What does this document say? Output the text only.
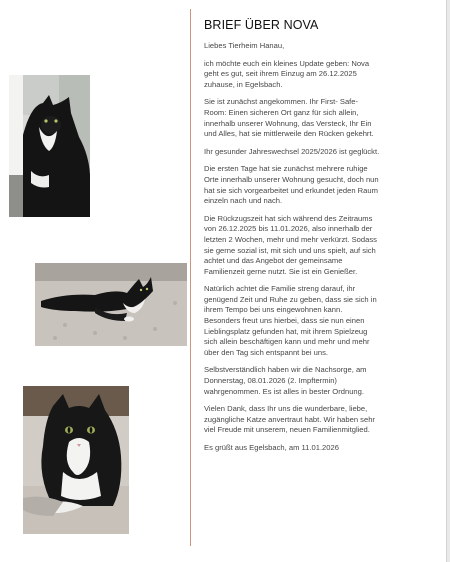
BRIEF ÜBER NOVA

Liebes Tierheim Hanau,

ich möchte euch ein kleines Update geben: Nova geht es gut, seit ihrem Einzug am 26.12.2025 zuhause, in Egelsbach.

Sie ist zunächst angekommen. Ihr First- Safe-Room: Einen sicheren Ort ganz für sich allein, innerhalb unserer Wohnung, das Versteck, Ihr Ein und Alles, hat sie mittlerweile den Rücken gekehrt.

Ihr gesunder Jahreswechsel 2025/2026 ist geglückt.

Die ersten Tage hat sie zunächst mehrere ruhige Orte innerhalb unserer Wohnung gesucht, doch nun hat sie sich vorgearbeitet und erkundet jeden Raum einzeln nach und nach.

Die Rückzugszeit hat sich während des Zeitraums von 26.12.2025 bis 11.01.2026, also innerhalb der letzten 2 Wochen, mehr und mehr verkürzt. Sodass sie gerne sozial ist, mit sich und uns spielt, auf sich achtet und das Angebot der gemeinsame Familienzeit gerne nutzt. Sie ist ein Genießer.

Natürlich achtet die Familie streng darauf, ihr genügend Zeit und Ruhe zu geben, dass sie sich in ihrem Tempo bei uns eingewohnen kann. Besonders freut uns hierbei, dass sie nun einen Lieblingsplatz gefunden hat, mit ihrem Spielzeug sich allein beschäftigen kann und mehr und mehr über den Tag sich entspannt bei uns.

Selbstverständlich haben wir die Nachsorge, am Donnerstag, 08.01.2026 (2. Impftermin) wahrgenommen. Es ist alles in bester Ordnung.

Vielen Dank, dass Ihr uns die wunderbare, liebe, zugängliche Katze anvertraut habt. Wir haben sehr viel Freude mit unserem, neuen Familienmitglied.

Es grüßt aus Egelsbach, am 11.01.2026
